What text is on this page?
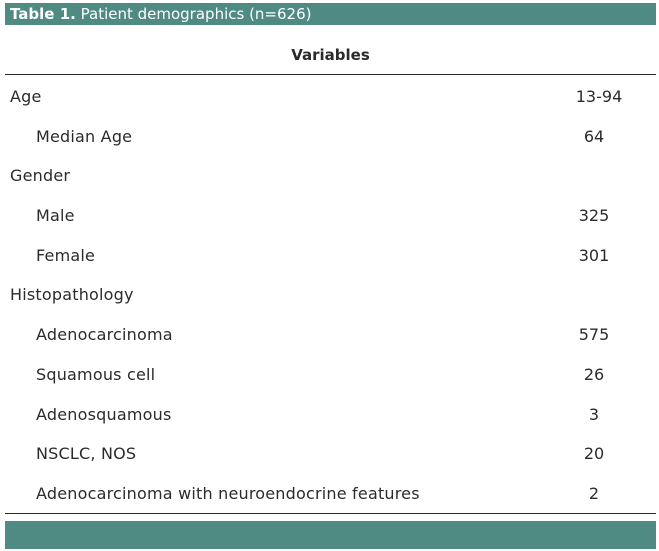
Table 1. Patient demographics (n=626)
Variables
Age	13-94
Median Age	64
Gender
Male	325
Female	301
Histopathology
Adenocarcinoma	575
Squamous cell	26
Adenosquamous	3
NSCLC, NOS	20
Adenocarcinoma with neuroendocrine features	2
